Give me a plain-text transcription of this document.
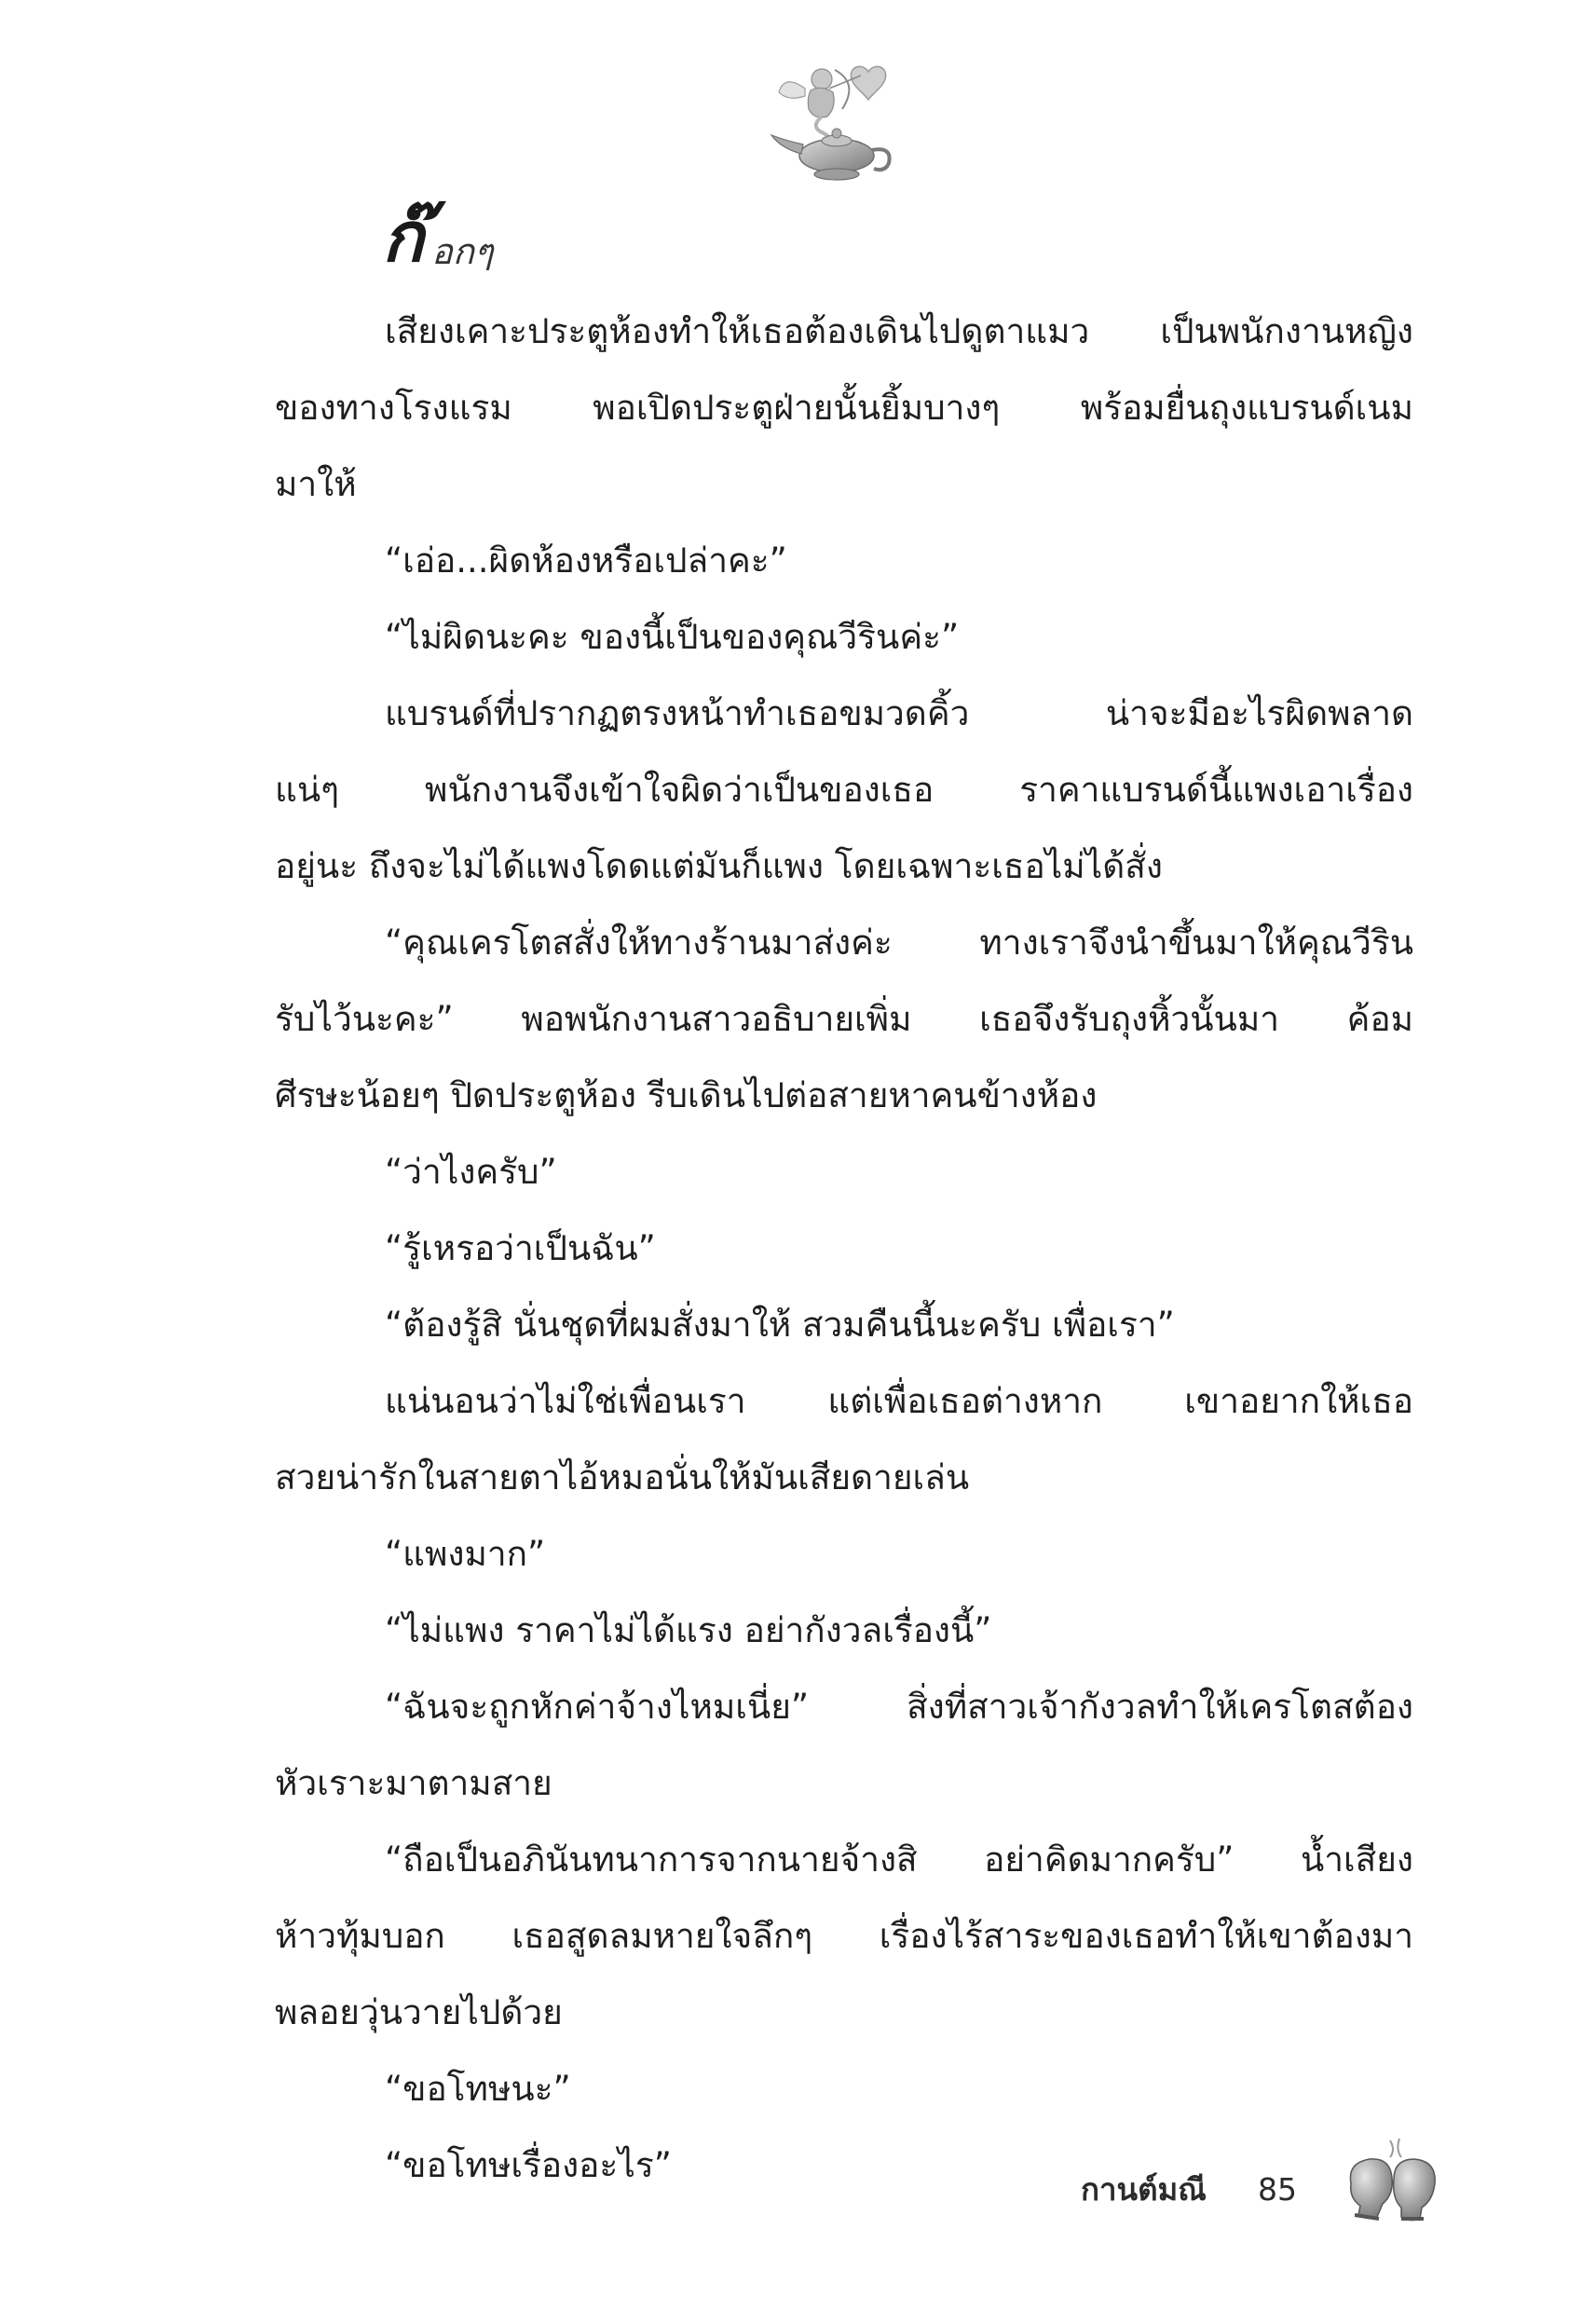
ก๊ อกๆ

เสียงเคาะประตูห้องทำให้เธอต้องเดินไปดูตาแมว เป็นพนักงานหญิง

ของทางโรงแรม พอเปิดประตูฝ่ายนั้นยิ้มบางๆ พร้อมยื่นถุงแบรนด์เนม

มาให้

“เอ่อ...ผิดห้องหรือเปล่าคะ”

“ไม่ผิดนะคะ ของนี้เป็นของคุณวีรินค่ะ”

แบรนด์ที่ปรากฏตรงหน้าทำเธอขมวดคิ้ว น่าจะมีอะไรผิดพลาด

แน่ๆ พนักงานจึงเข้าใจผิดว่าเป็นของเธอ ราคาแบรนด์นี้แพงเอาเรื่อง

อยู่นะ ถึงจะไม่ได้แพงโดดแต่มันก็แพง โดยเฉพาะเธอไม่ได้สั่ง

“คุณเครโตสสั่งให้ทางร้านมาส่งค่ะ ทางเราจึงนำขึ้นมาให้คุณวีริน

รับไว้นะคะ” พอพนักงานสาวอธิบายเพิ่ม เธอจึงรับถุงหิ้วนั้นมา ค้อม

ศีรษะน้อยๆ ปิดประตูห้อง รีบเดินไปต่อสายหาคนข้างห้อง

“ว่าไงครับ”

“รู้เหรอว่าเป็นฉัน”

“ต้องรู้สิ นั่นชุดที่ผมสั่งมาให้ สวมคืนนี้นะครับ เพื่อเรา”

แน่นอนว่าไม่ใช่เพื่อนเรา แต่เพื่อเธอต่างหาก เขาอยากให้เธอ

สวยน่ารักในสายตาไอ้หมอนั่นให้มันเสียดายเล่น

“แพงมาก”

“ไม่แพง ราคาไม่ได้แรง อย่ากังวลเรื่องนี้”

“ฉันจะถูกหักค่าจ้างไหมเนี่ย” สิ่งที่สาวเจ้ากังวลทำให้เครโตสต้อง

หัวเราะมาตามสาย

“ถือเป็นอภินันทนาการจากนายจ้างสิ อย่าคิดมากครับ” น้ำเสียง

ห้าวทุ้มบอก เธอสูดลมหายใจลึกๆ เรื่องไร้สาระของเธอทำให้เขาต้องมา

พลอยวุ่นวายไปด้วย

“ขอโทษนะ”

“ขอโทษเรื่องอะไร”

กานต์มณี 85
